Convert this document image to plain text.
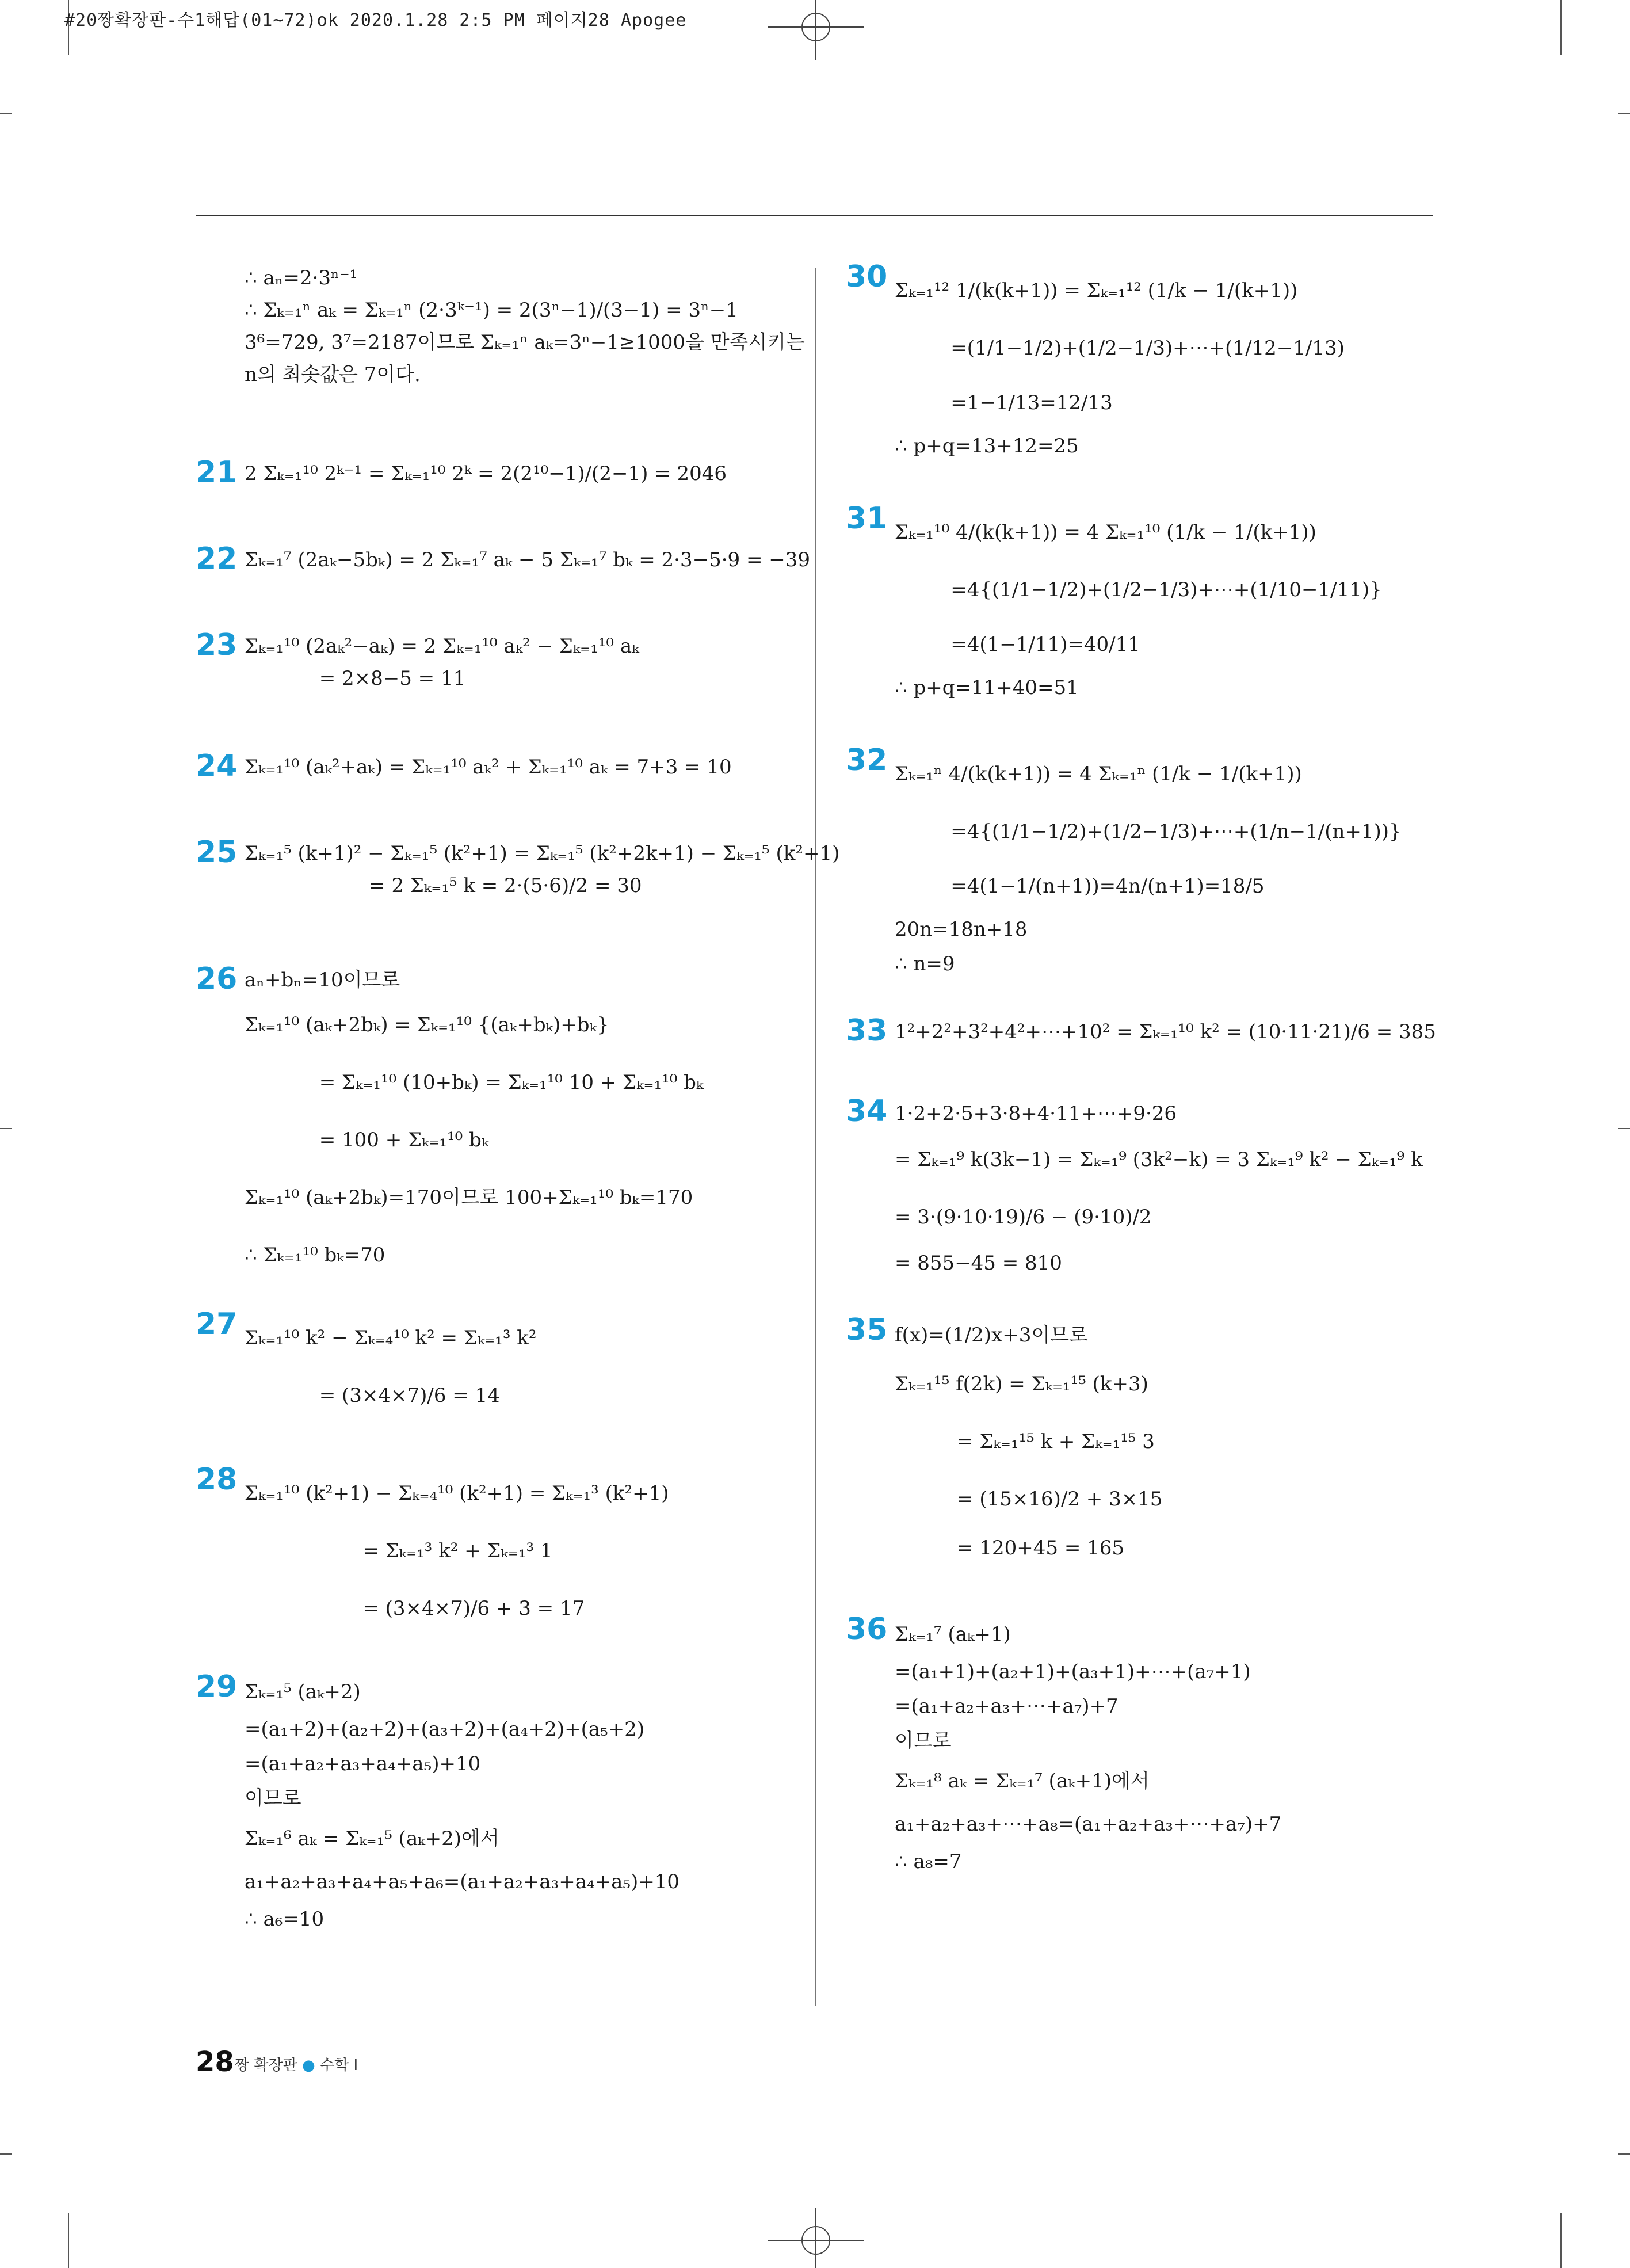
#20짱확장판-수1해답(01~72)ok 2020.1.28 2:5 PM 페이지28 Apogee
∴ aₙ=2·3ⁿ⁻¹
∴ Σₖ₌₁ⁿ aₖ = Σₖ₌₁ⁿ (2·3ᵏ⁻¹) = 2(3ⁿ−1)/(3−1) = 3ⁿ−1
3⁶=729, 3⁷=2187이므로 Σₖ₌₁ⁿ aₖ=3ⁿ−1≥1000을 만족시키는
n의 최솟값은 7이다.
21 2 Σₖ₌₁¹⁰ 2ᵏ⁻¹ = Σₖ₌₁¹⁰ 2ᵏ = 2(2¹⁰−1)/(2−1) = 2046
22 Σₖ₌₁⁷ (2aₖ−5bₖ) = 2 Σₖ₌₁⁷ aₖ − 5 Σₖ₌₁⁷ bₖ = 2·3−5·9 = −39
23 Σₖ₌₁¹⁰ (2aₖ²−aₖ) = 2 Σₖ₌₁¹⁰ aₖ² − Σₖ₌₁¹⁰ aₖ
= 2×8−5 = 11
24 Σₖ₌₁¹⁰ (aₖ²+aₖ) = Σₖ₌₁¹⁰ aₖ² + Σₖ₌₁¹⁰ aₖ = 7+3 = 10
25 Σₖ₌₁⁵ (k+1)² − Σₖ₌₁⁵ (k²+1) = Σₖ₌₁⁵ (k²+2k+1) − Σₖ₌₁⁵ (k²+1)
= 2 Σₖ₌₁⁵ k = 2·(5·6)/2 = 30
26 aₙ+bₙ=10이므로
Σₖ₌₁¹⁰ (aₖ+2bₖ) = Σₖ₌₁¹⁰ {(aₖ+bₖ)+bₖ}
= Σₖ₌₁¹⁰ (10+bₖ) = Σₖ₌₁¹⁰ 10 + Σₖ₌₁¹⁰ bₖ
= 100 + Σₖ₌₁¹⁰ bₖ
Σₖ₌₁¹⁰ (aₖ+2bₖ)=170이므로 100+Σₖ₌₁¹⁰ bₖ=170
∴ Σₖ₌₁¹⁰ bₖ=70
27 Σₖ₌₁¹⁰ k² − Σₖ₌₄¹⁰ k² = Σₖ₌₁³ k²
= (3×4×7)/6 = 14
28 Σₖ₌₁¹⁰ (k²+1) − Σₖ₌₄¹⁰ (k²+1) = Σₖ₌₁³ (k²+1)
= Σₖ₌₁³ k² + Σₖ₌₁³ 1
= (3×4×7)/6 + 3 = 17
29 Σₖ₌₁⁵ (aₖ+2)
=(a₁+2)+(a₂+2)+(a₃+2)+(a₄+2)+(a₅+2)
=(a₁+a₂+a₃+a₄+a₅)+10
이므로
Σₖ₌₁⁶ aₖ = Σₖ₌₁⁵ (aₖ+2)에서
a₁+a₂+a₃+a₄+a₅+a₆=(a₁+a₂+a₃+a₄+a₅)+10
∴ a₆=10
30 Σₖ₌₁¹² 1/(k(k+1)) = Σₖ₌₁¹² (1/k − 1/(k+1))
=(1/1−1/2)+(1/2−1/3)+⋯+(1/12−1/13)
=1−1/13=12/13
∴ p+q=13+12=25
31 Σₖ₌₁¹⁰ 4/(k(k+1)) = 4 Σₖ₌₁¹⁰ (1/k − 1/(k+1))
=4{(1/1−1/2)+(1/2−1/3)+⋯+(1/10−1/11)}
=4(1−1/11)=40/11
∴ p+q=11+40=51
32 Σₖ₌₁ⁿ 4/(k(k+1)) = 4 Σₖ₌₁ⁿ (1/k − 1/(k+1))
=4{(1/1−1/2)+(1/2−1/3)+⋯+(1/n−1/(n+1))}
=4(1−1/(n+1))=4n/(n+1)=18/5
20n=18n+18
∴ n=9
33 1²+2²+3²+4²+⋯+10² = Σₖ₌₁¹⁰ k² = (10·11·21)/6 = 385
34 1·2+2·5+3·8+4·11+⋯+9·26
= Σₖ₌₁⁹ k(3k−1) = Σₖ₌₁⁹ (3k²−k) = 3 Σₖ₌₁⁹ k² − Σₖ₌₁⁹ k
= 3·(9·10·19)/6 − (9·10)/2
= 855−45 = 810
35 f(x)=(1/2)x+3이므로
Σₖ₌₁¹⁵ f(2k) = Σₖ₌₁¹⁵ (k+3)
= Σₖ₌₁¹⁵ k + Σₖ₌₁¹⁵ 3
= (15×16)/2 + 3×15
= 120+45 = 165
36 Σₖ₌₁⁷ (aₖ+1)
=(a₁+1)+(a₂+1)+(a₃+1)+⋯+(a₇+1)
=(a₁+a₂+a₃+⋯+a₇)+7
이므로
Σₖ₌₁⁸ aₖ = Σₖ₌₁⁷ (aₖ+1)에서
a₁+a₂+a₃+⋯+a₈=(a₁+a₂+a₃+⋯+a₇)+7
∴ a₈=7
28 짱 확장판 ● 수학 I
